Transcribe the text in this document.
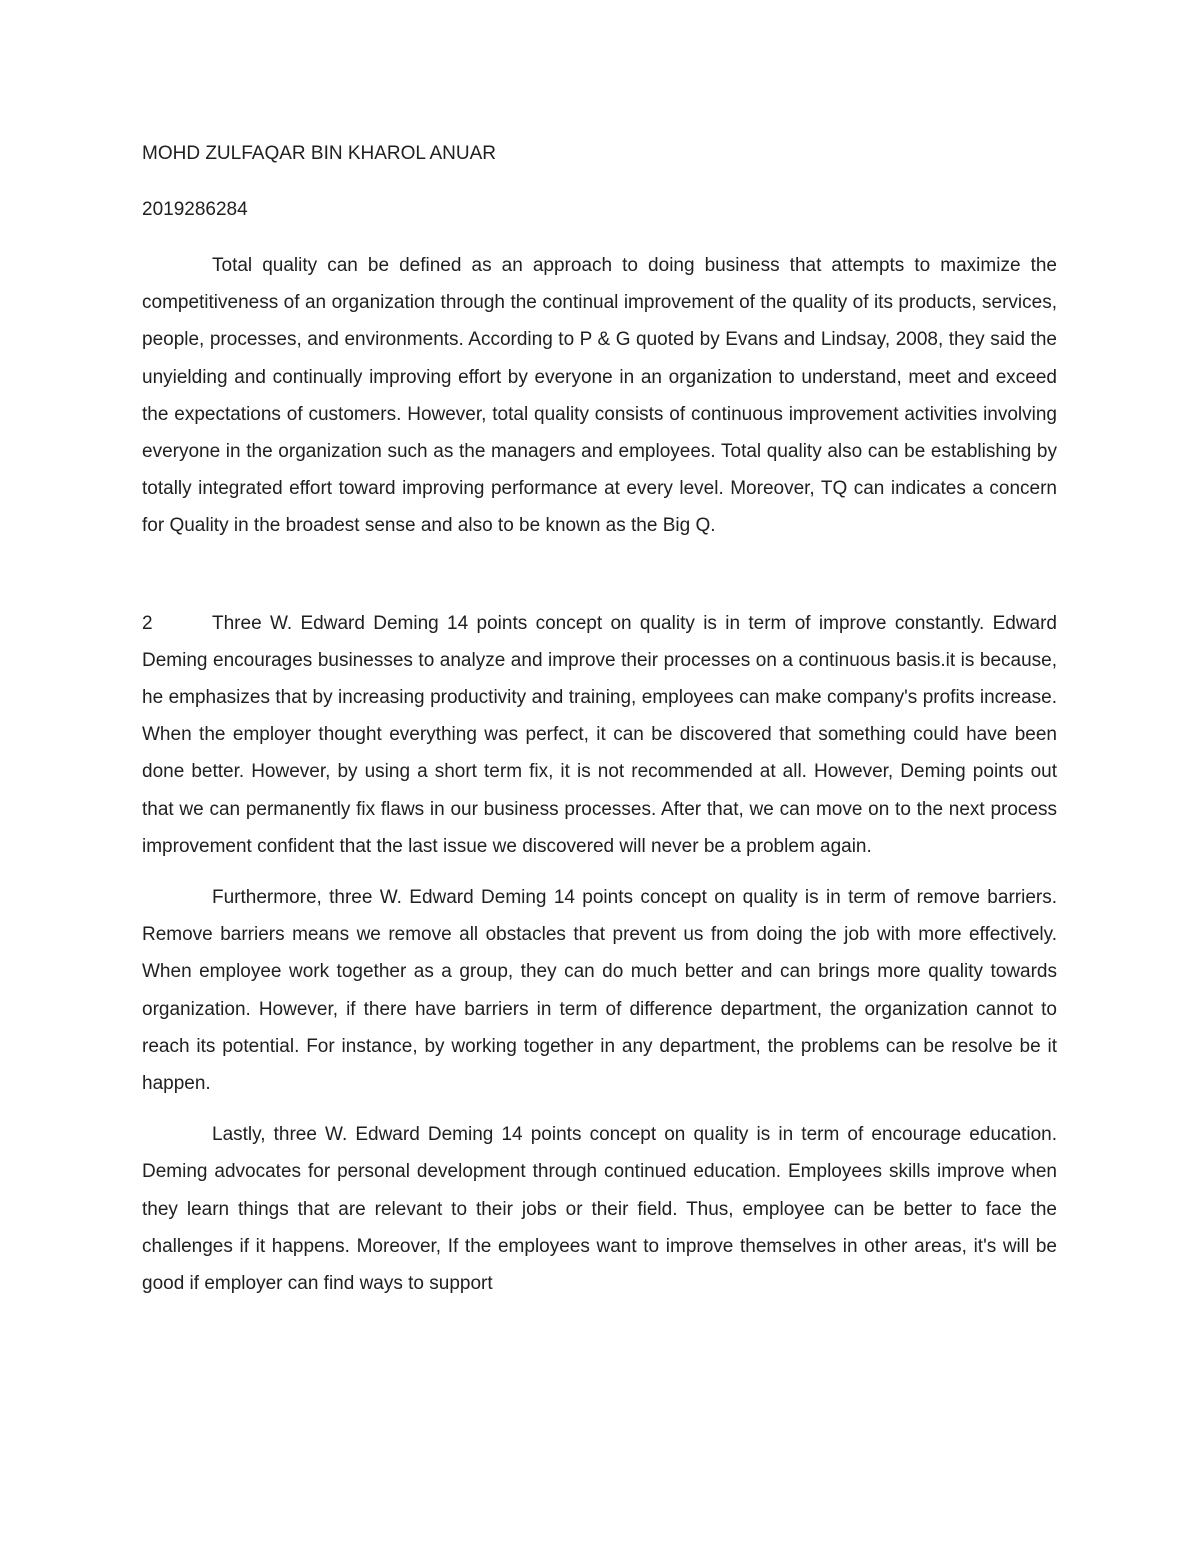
MOHD ZULFAQAR BIN KHAROL ANUAR

2019286284

Total quality can be defined as an approach to doing business that attempts to maximize the competitiveness of an organization through the continual improvement of the quality of its products, services, people, processes, and environments. According to P & G quoted by Evans and Lindsay, 2008, they said the unyielding and continually improving effort by everyone in an organization to understand, meet and exceed the expectations of customers. However, total quality consists of continuous improvement activities involving everyone in the organization such as the managers and employees. Total quality also can be establishing by totally integrated effort toward improving performance at every level. Moreover, TQ can indicates a concern for Quality in the broadest sense and also to be known as the Big Q.

2	Three W. Edward Deming 14 points concept on quality is in term of improve constantly. Edward Deming encourages businesses to analyze and improve their processes on a continuous basis.it is because, he emphasizes that by increasing productivity and training, employees can make company's profits increase. When the employer thought everything was perfect, it can be discovered that something could have been done better. However, by using a short term fix, it is not recommended at all. However, Deming points out that we can permanently fix flaws in our business processes. After that, we can move on to the next process improvement confident that the last issue we discovered will never be a problem again.

Furthermore, three W. Edward Deming 14 points concept on quality is in term of remove barriers. Remove barriers means we remove all obstacles that prevent us from doing the job with more effectively. When employee work together as a group, they can do much better and can brings more quality towards organization. However, if there have barriers in term of difference department, the organization cannot to reach its potential. For instance, by working together in any department, the problems can be resolve be it happen.

Lastly, three W. Edward Deming 14 points concept on quality is in term of encourage education. Deming advocates for personal development through continued education. Employees skills improve when they learn things that are relevant to their jobs or their field. Thus, employee can be better to face the challenges if it happens. Moreover, If the employees want to improve themselves in other areas, it's will be good if employer can find ways to support
